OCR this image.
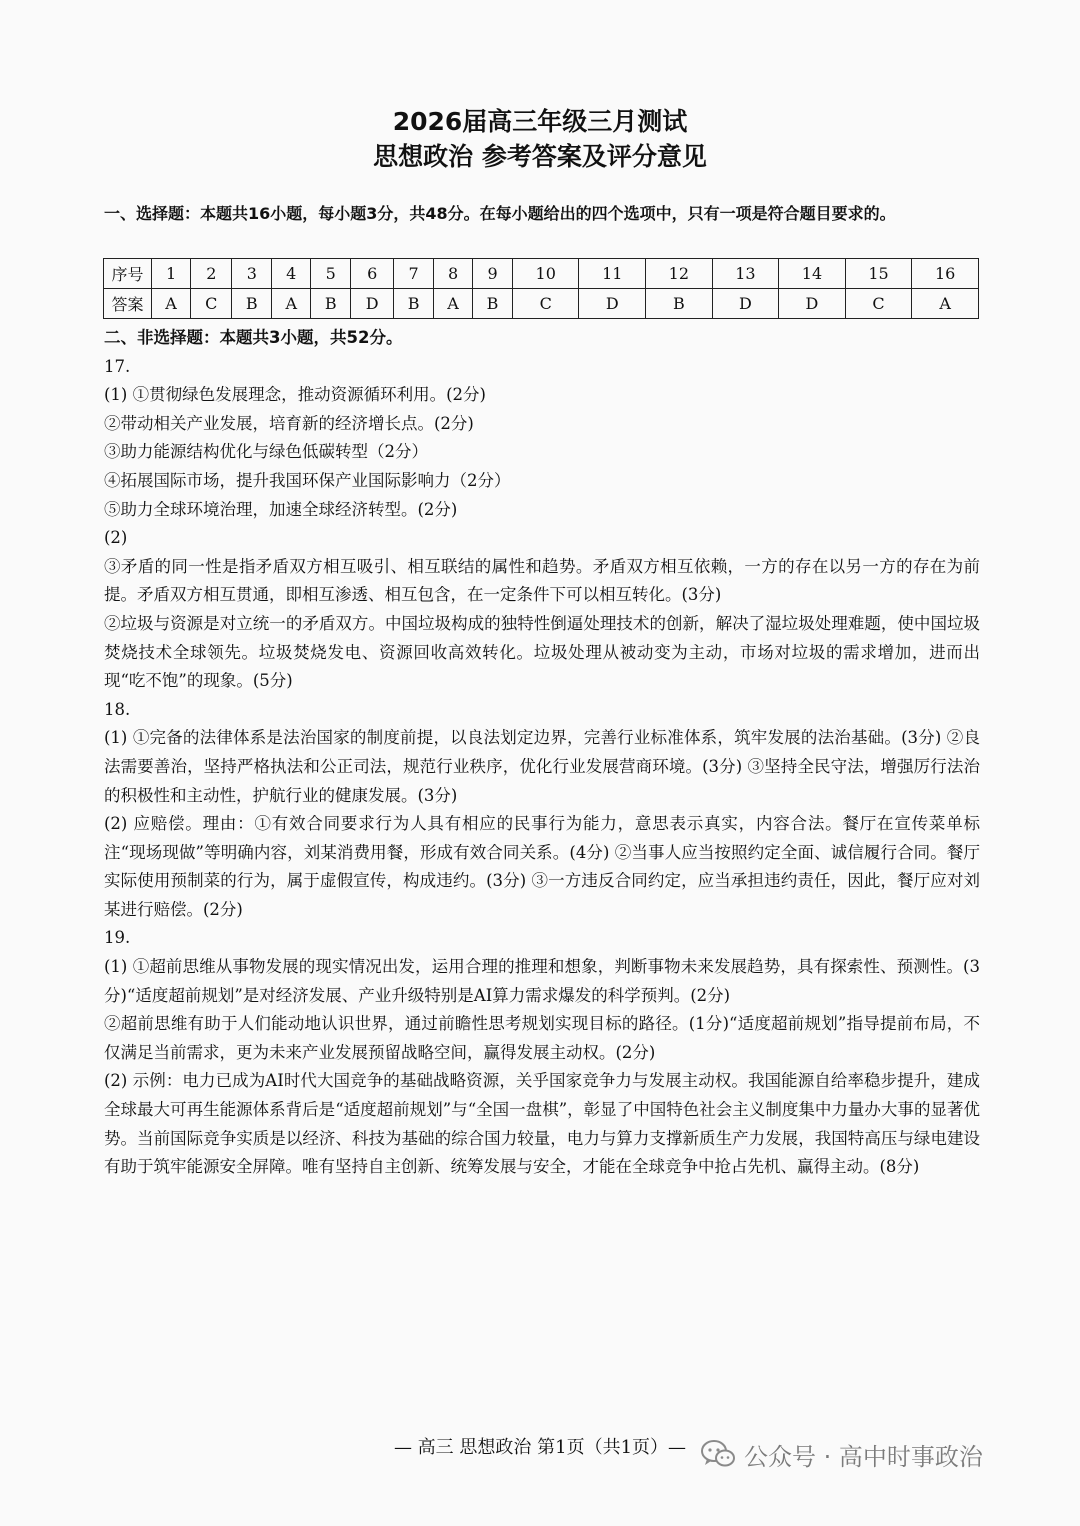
2026届高三年级三月测试
思想政治 参考答案及评分意见
一、选择题：本题共16小题，每小题3分，共48分。在每小题给出的四个选项中，只有一项是符合题目要求的。
序号	1	2	3	4	5	6	7	8	9	10	11	12	13	14	15	16
答案	A	C	B	A	B	D	B	A	B	C	D	B	D	D	C	A

二、非选择题：本题共3小题，共52分。

17.

(1) ①贯彻绿色发展理念，推动资源循环利用。(2分)

②带动相关产业发展，培育新的经济增长点。(2分)

③助力能源结构优化与绿色低碳转型（2分）

④拓展国际市场，提升我国环保产业国际影响力（2分）

⑤助力全球环境治理，加速全球经济转型。(2分)

(2)

③矛盾的同一性是指矛盾双方相互吸引、相互联结的属性和趋势。矛盾双方相互依赖，一方的存在以另一方的存在为前提。矛盾双方相互贯通，即相互渗透、相互包含，在一定条件下可以相互转化。(3分)

②垃圾与资源是对立统一的矛盾双方。中国垃圾构成的独特性倒逼处理技术的创新，解决了湿垃圾处理难题，使中国垃圾焚烧技术全球领先。垃圾焚烧发电、资源回收高效转化。垃圾处理从被动变为主动，市场对垃圾的需求增加，进而出现“吃不饱”的现象。(5分)

18.

(1) ①完备的法律体系是法治国家的制度前提，以良法划定边界，完善行业标准体系，筑牢发展的法治基础。(3分) ②良法需要善治，坚持严格执法和公正司法，规范行业秩序，优化行业发展营商环境。(3分) ③坚持全民守法，增强厉行法治的积极性和主动性，护航行业的健康发展。(3分)

(2) 应赔偿。理由：①有效合同要求行为人具有相应的民事行为能力，意思表示真实，内容合法。餐厅在宣传菜单标注“现场现做”等明确内容，刘某消费用餐，形成有效合同关系。(4分) ②当事人应当按照约定全面、诚信履行合同。餐厅实际使用预制菜的行为，属于虚假宣传，构成违约。(3分) ③一方违反合同约定，应当承担违约责任，因此，餐厅应对刘某进行赔偿。(2分)

19.

(1) ①超前思维从事物发展的现实情况出发，运用合理的推理和想象，判断事物未来发展趋势，具有探索性、预测性。(3分)“适度超前规划”是对经济发展、产业升级特别是AI算力需求爆发的科学预判。(2分)

②超前思维有助于人们能动地认识世界，通过前瞻性思考规划实现目标的路径。(1分)“适度超前规划”指导提前布局，不仅满足当前需求，更为未来产业发展预留战略空间，赢得发展主动权。(2分)

(2) 示例：电力已成为AI时代大国竞争的基础战略资源，关乎国家竞争力与发展主动权。我国能源自给率稳步提升，建成全球最大可再生能源体系背后是“适度超前规划”与“全国一盘棋”，彰显了中国特色社会主义制度集中力量办大事的显著优势。当前国际竞争实质是以经济、科技为基础的综合国力较量，电力与算力支撑新质生产力发展，我国特高压与绿电建设有助于筑牢能源安全屏障。唯有坚持自主创新、统筹发展与安全，才能在全球竞争中抢占先机、赢得主动。(8分)

— 高三 思想政治 第1页（共1页）—	公众号 · 高中时事政治
